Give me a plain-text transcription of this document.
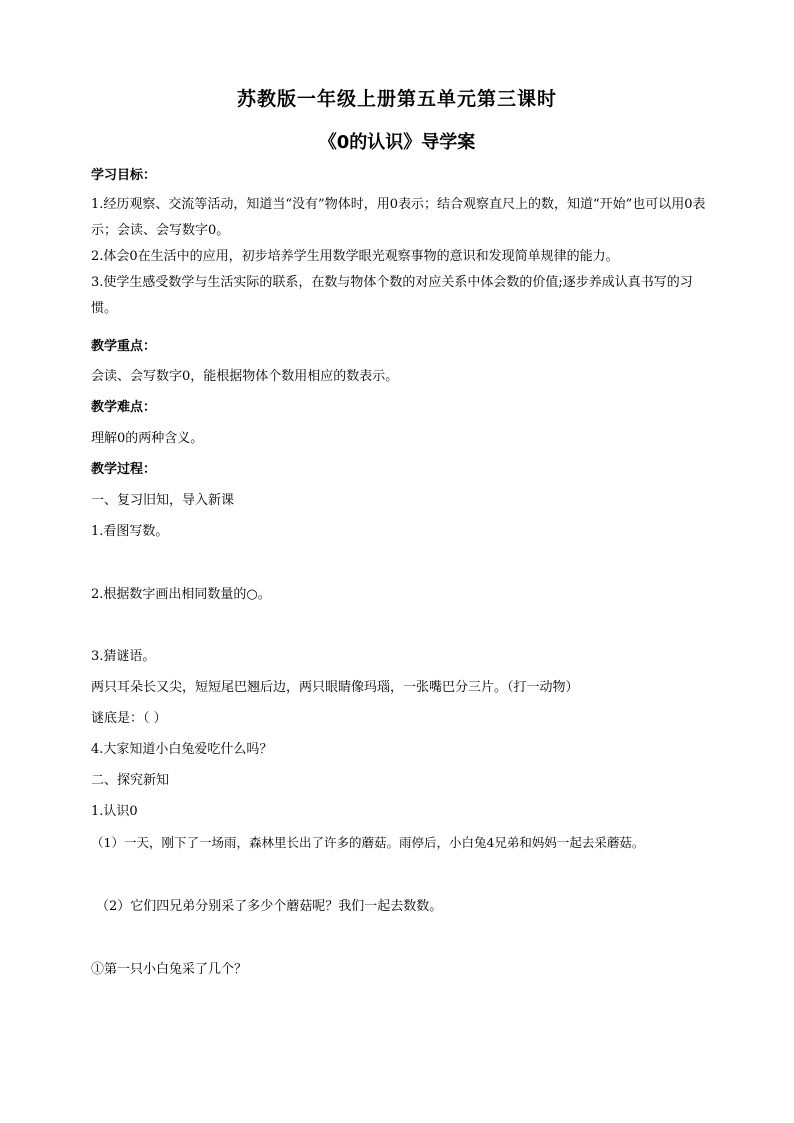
苏教版一年级上册第五单元第三课时
《0的认识》导学案
学习目标：
1.经历观察、交流等活动，知道当“没有”物体时，用0表示；结合观察直尺上的数，知道“开始”也可以用0表示；会读、会写数字0。
2.体会0在生活中的应用，初步培养学生用数学眼光观察事物的意识和发现简单规律的能力。
3.使学生感受数学与生活实际的联系，在数与物体个数的对应关系中体会数的价值;逐步养成认真书写的习惯。
教学重点：
会读、会写数字0，能根据物体个数用相应的数表示。
教学难点：
理解0的两种含义。
教学过程：
一、复习旧知，导入新课
1.看图写数。
2.根据数字画出相同数量的○。
3.猜谜语。
两只耳朵长又尖，短短尾巴翘后边，两只眼睛像玛瑙，一张嘴巴分三片。（打一动物）
谜底是：（ ）
4.大家知道小白兔爱吃什么吗？
二、探究新知
1.认识0
（1）一天，刚下了一场雨，森林里长出了许多的蘑菇。雨停后，小白兔4兄弟和妈妈一起去采蘑菇。
（2）它们四兄弟分别采了多少个蘑菇呢？我们一起去数数。
①第一只小白兔采了几个？
